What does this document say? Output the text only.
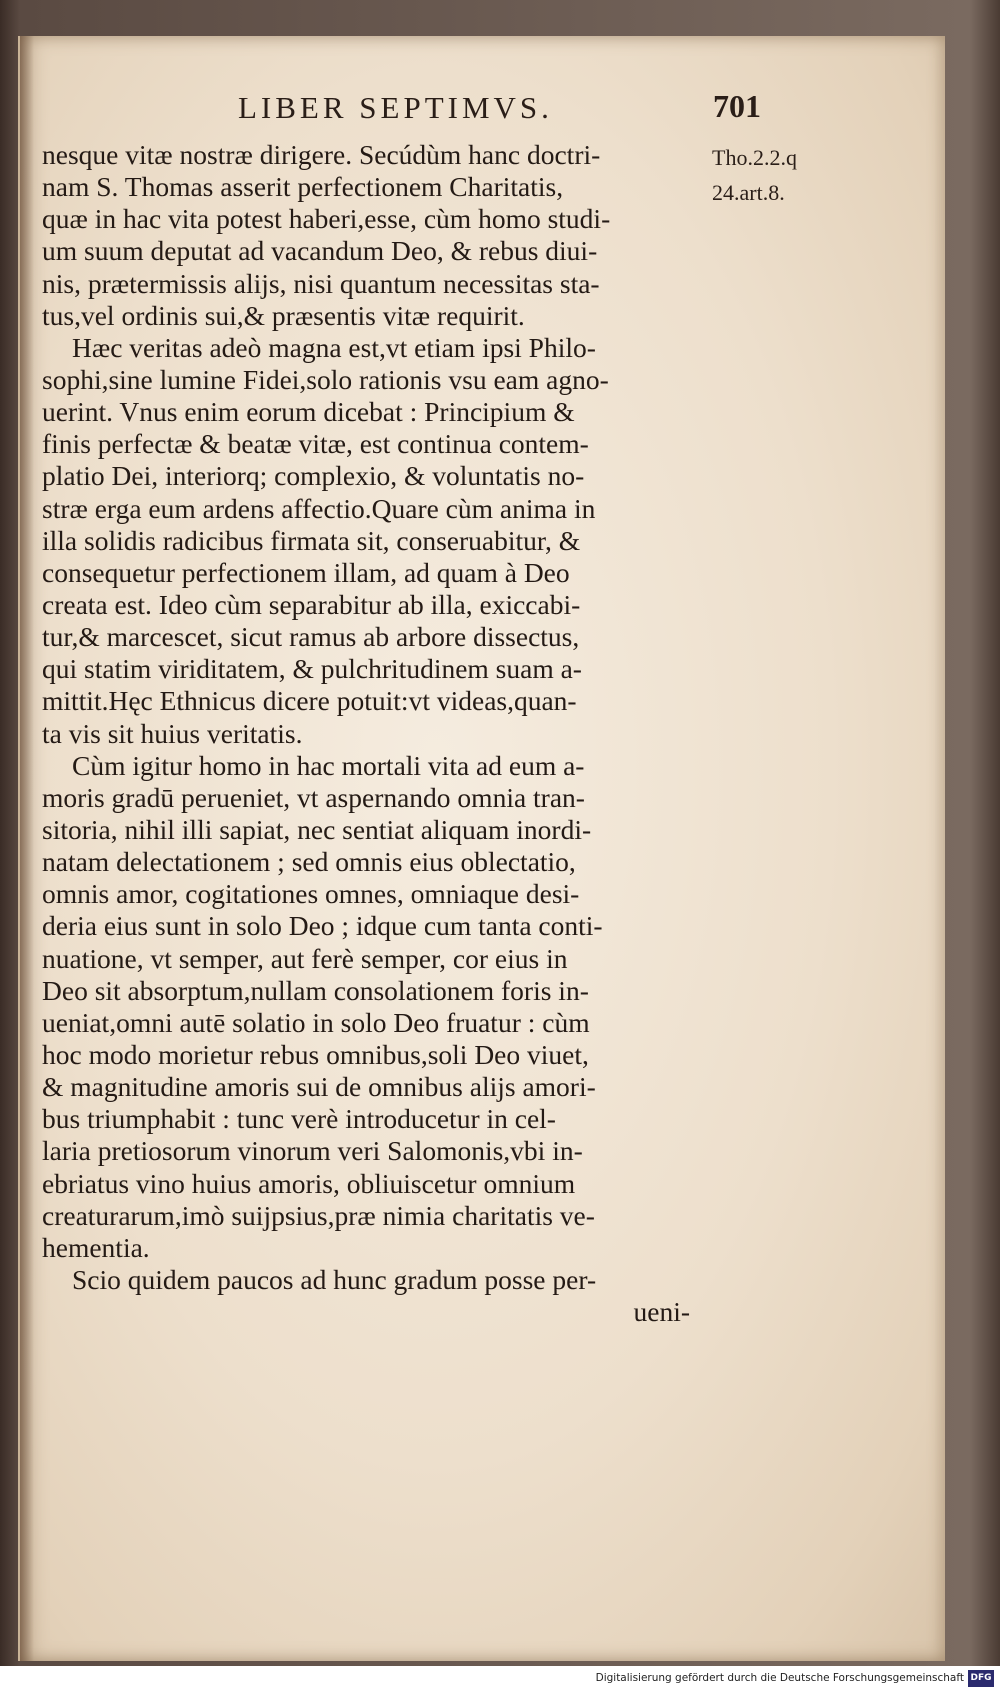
LIBER SEPTIMVS.	701
Tho.2.2.q
24.art.8.
nesque vitæ nostræ dirigere. Secúdùm hanc doctri-
nam S. Thomas asserit perfectionem Charitatis,
quæ in hac vita potest haberi,esse, cùm homo studi-
um suum deputat ad vacandum Deo, & rebus diui-
nis, prætermissis alijs, nisi quantum necessitas sta-
tus,vel ordinis sui,& præsentis vitæ requirit.
Hæc veritas adeò magna est,vt etiam ipsi Philo-
sophi,sine lumine Fidei,solo rationis vsu eam agno-
uerint. Vnus enim eorum dicebat : Principium &
finis perfectæ & beatæ vitæ, est continua contem-
platio Dei, interiorq; complexio, & voluntatis no-
stræ erga eum ardens affectio.Quare cùm anima in
illa solidis radicibus firmata sit, conseruabitur, &
consequetur perfectionem illam, ad quam à Deo
creata est. Ideo cùm separabitur ab illa, exiccabi-
tur,& marcescet, sicut ramus ab arbore dissectus,
qui statim viriditatem, & pulchritudinem suam a-
mittit.Hęc Ethnicus dicere potuit:vt videas,quan-
ta vis sit huius veritatis.
Cùm igitur homo in hac mortali vita ad eum a-
moris gradū perueniet, vt aspernando omnia tran-
sitoria, nihil illi sapiat, nec sentiat aliquam inordi-
natam delectationem ; sed omnis eius oblectatio,
omnis amor, cogitationes omnes, omniaque desi-
deria eius sunt in solo Deo ; idque cum tanta conti-
nuatione, vt semper, aut ferè semper, cor eius in
Deo sit absorptum,nullam consolationem foris in-
ueniat,omni autē solatio in solo Deo fruatur : cùm
hoc modo morietur rebus omnibus,soli Deo viuet,
& magnitudine amoris sui de omnibus alijs amori-
bus triumphabit : tunc verè introducetur in cel-
laria pretiosorum vinorum veri Salomonis,vbi in-
ebriatus vino huius amoris, obliuiscetur omnium
creaturarum,imò suijpsius,præ nimia charitatis ve-
hementia.
Scio quidem paucos ad hunc gradum posse per-
ueni-
Digitalisierung gefördert durch die Deutsche Forschungsgemeinschaft DFG
